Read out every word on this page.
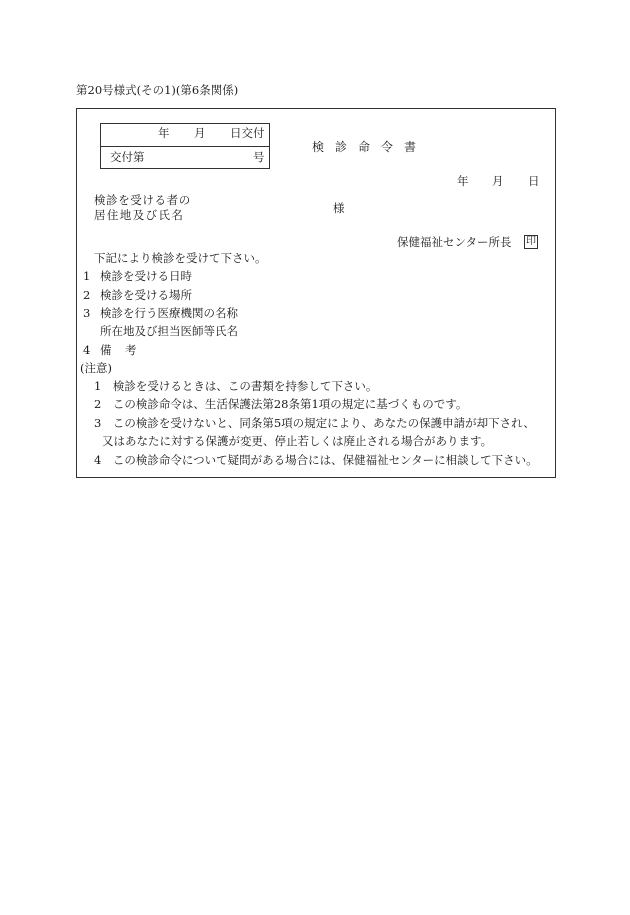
第20号様式(その1)(第6条関係)
年 月 日交付
交付第	号
検診命令書
年 月 日
検診を受ける者の
居住地及び氏名	様
保健福祉センター所長 印
下記により検診を受けて下さい。
1 検診を受ける日時
2 検診を受ける場所
3 検診を行う医療機関の名称
所在地及び担当医師等氏名
4 備　考
(注意)
1　検診を受けるときは、この書類を持参して下さい。
2　この検診命令は、生活保護法第28条第1項の規定に基づくものです。
3　この検診を受けないと、同条第5項の規定により、あなたの保護申請が却下され、
又はあなたに対する保護が変更、停止若しくは廃止される場合があります。
4　この検診命令について疑問がある場合には、保健福祉センターに相談して下さい。
